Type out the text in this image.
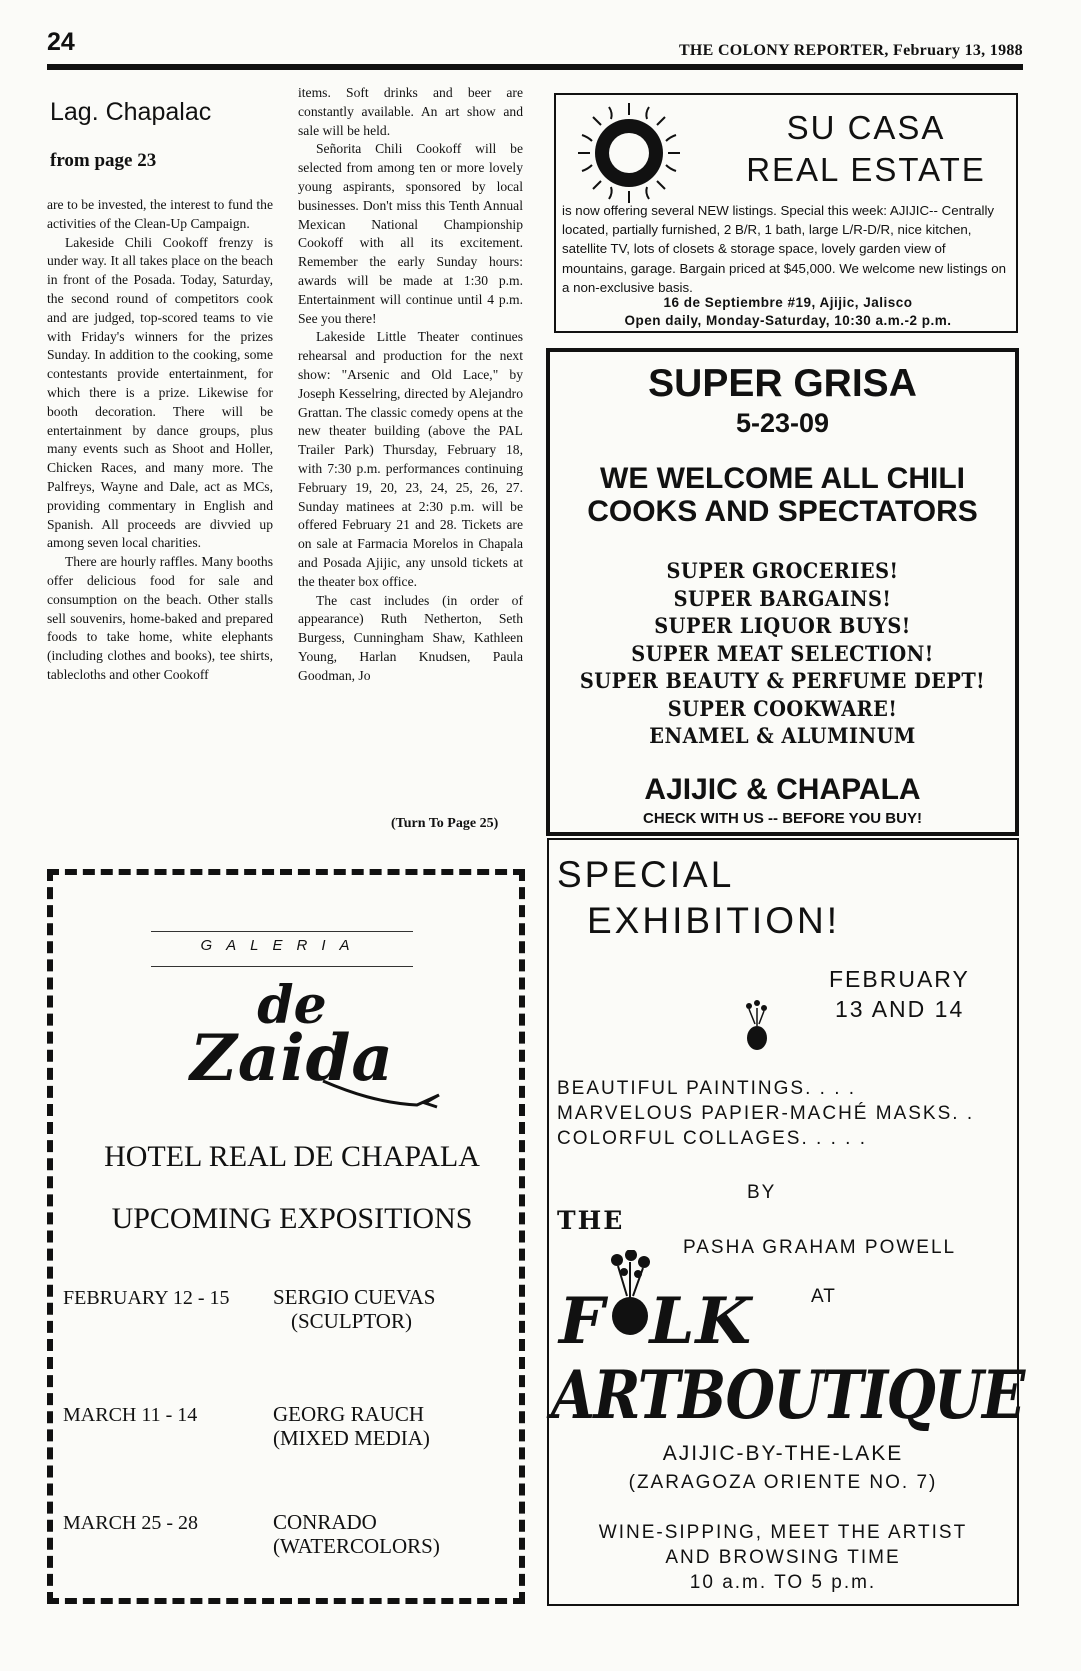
24	THE COLONY REPORTER, February 13, 1988
Lag. Chapalac
from page 23

are to be invested, the interest to fund the activities of the Clean-Up Campaign.

Lakeside Chili Cookoff frenzy is under way. It all takes place on the beach in front of the Posada. Today, Saturday, the second round of competitors cook and are judged, top-scored teams to vie with Friday's winners for the prizes Sunday. In addition to the cooking, some contestants provide entertainment, for which there is a prize. Likewise for booth decoration. There will be entertainment by dance groups, plus many events such as Shoot and Holler, Chicken Races, and many more. The Palfreys, Wayne and Dale, act as MCs, providing commentary in English and Spanish. All proceeds are divvied up among seven local charities.

There are hourly raffles. Many booths offer delicious food for sale and consumption on the beach. Other stalls sell souvenirs, home-baked and prepared foods to take home, white elephants (including clothes and books), tee shirts, tablecloths and other Cookoff

items. Soft drinks and beer are constantly available. An art show and sale will be held.

Señorita Chili Cookoff will be selected from among ten or more lovely young aspirants, sponsored by local businesses. Don't miss this Tenth Annual Mexican National Championship Cookoff with all its excitement. Remember the early Sunday hours: awards will be made at 1:30 p.m. Entertainment will continue until 4 p.m. See you there!

Lakeside Little Theater continues rehearsal and production for the next show: "Arsenic and Old Lace," by Joseph Kesselring, directed by Alejandro Grattan. The classic comedy opens at the new theater building (above the PAL Trailer Park) Thursday, February 18, with 7:30 p.m. performances continuing February 19, 20, 23, 24, 25, 26, 27. Sunday matinees at 2:30 p.m. will be offered February 21 and 28. Tickets are on sale at Farmacia Morelos in Chapala and Posada Ajijic, any unsold tickets at the theater box office.

The cast includes (in order of appearance) Ruth Netherton, Seth Burgess, Cunningham Shaw, Kathleen Young, Harlan Knudsen, Paula Goodman, Jo

(Turn To Page 25)
SU CASA
REAL ESTATE
is now offering several NEW listings. Special this week: AJIJIC-- Centrally located, partially furnished, 2 B/R, 1 bath, large L/R-D/R, nice kitchen, satellite TV, lots of closets & storage space, lovely garden view of mountains, garage. Bargain priced at $45,000. We welcome new listings on a non-exclusive basis.
16 de Septiembre #19, Ajijic, Jalisco
Open daily, Monday-Saturday, 10:30 a.m.-2 p.m.
SUPER GRISA
5-23-09
WE WELCOME ALL CHILI
COOKS AND SPECTATORS
SUPER GROCERIES!
SUPER BARGAINS!
SUPER LIQUOR BUYS!
SUPER MEAT SELECTION!
SUPER BEAUTY & PERFUME DEPT!
SUPER COOKWARE!
ENAMEL & ALUMINUM
AJIJIC & CHAPALA
CHECK WITH US -- BEFORE YOU BUY!
GALERIA
de
Zaida
HOTEL REAL DE CHAPALA
UPCOMING EXPOSITIONS
FEBRUARY 12 - 15 SERGIO CUEVAS
(SCULPTOR)
MARCH 11 - 14	GEORG RAUCH
(MIXED MEDIA)
MARCH 25 - 28	CONRADO
(WATERCOLORS)
SPECIAL
EXHIBITION!
FEBRUARY
13 AND 14
BEAUTIFUL PAINTINGS. . . .
MARVELOUS PAPIER-MACHÉ MASKS. .
COLORFUL COLLAGES. . . . .
BY
THE
PASHA GRAHAM POWELL
AT
F LK
ARTBOUTIQUE
AJIJIC-BY-THE-LAKE
(ZARAGOZA ORIENTE NO. 7)
WINE-SIPPING, MEET THE ARTIST
AND BROWSING TIME
10 a.m. TO 5 p.m.
